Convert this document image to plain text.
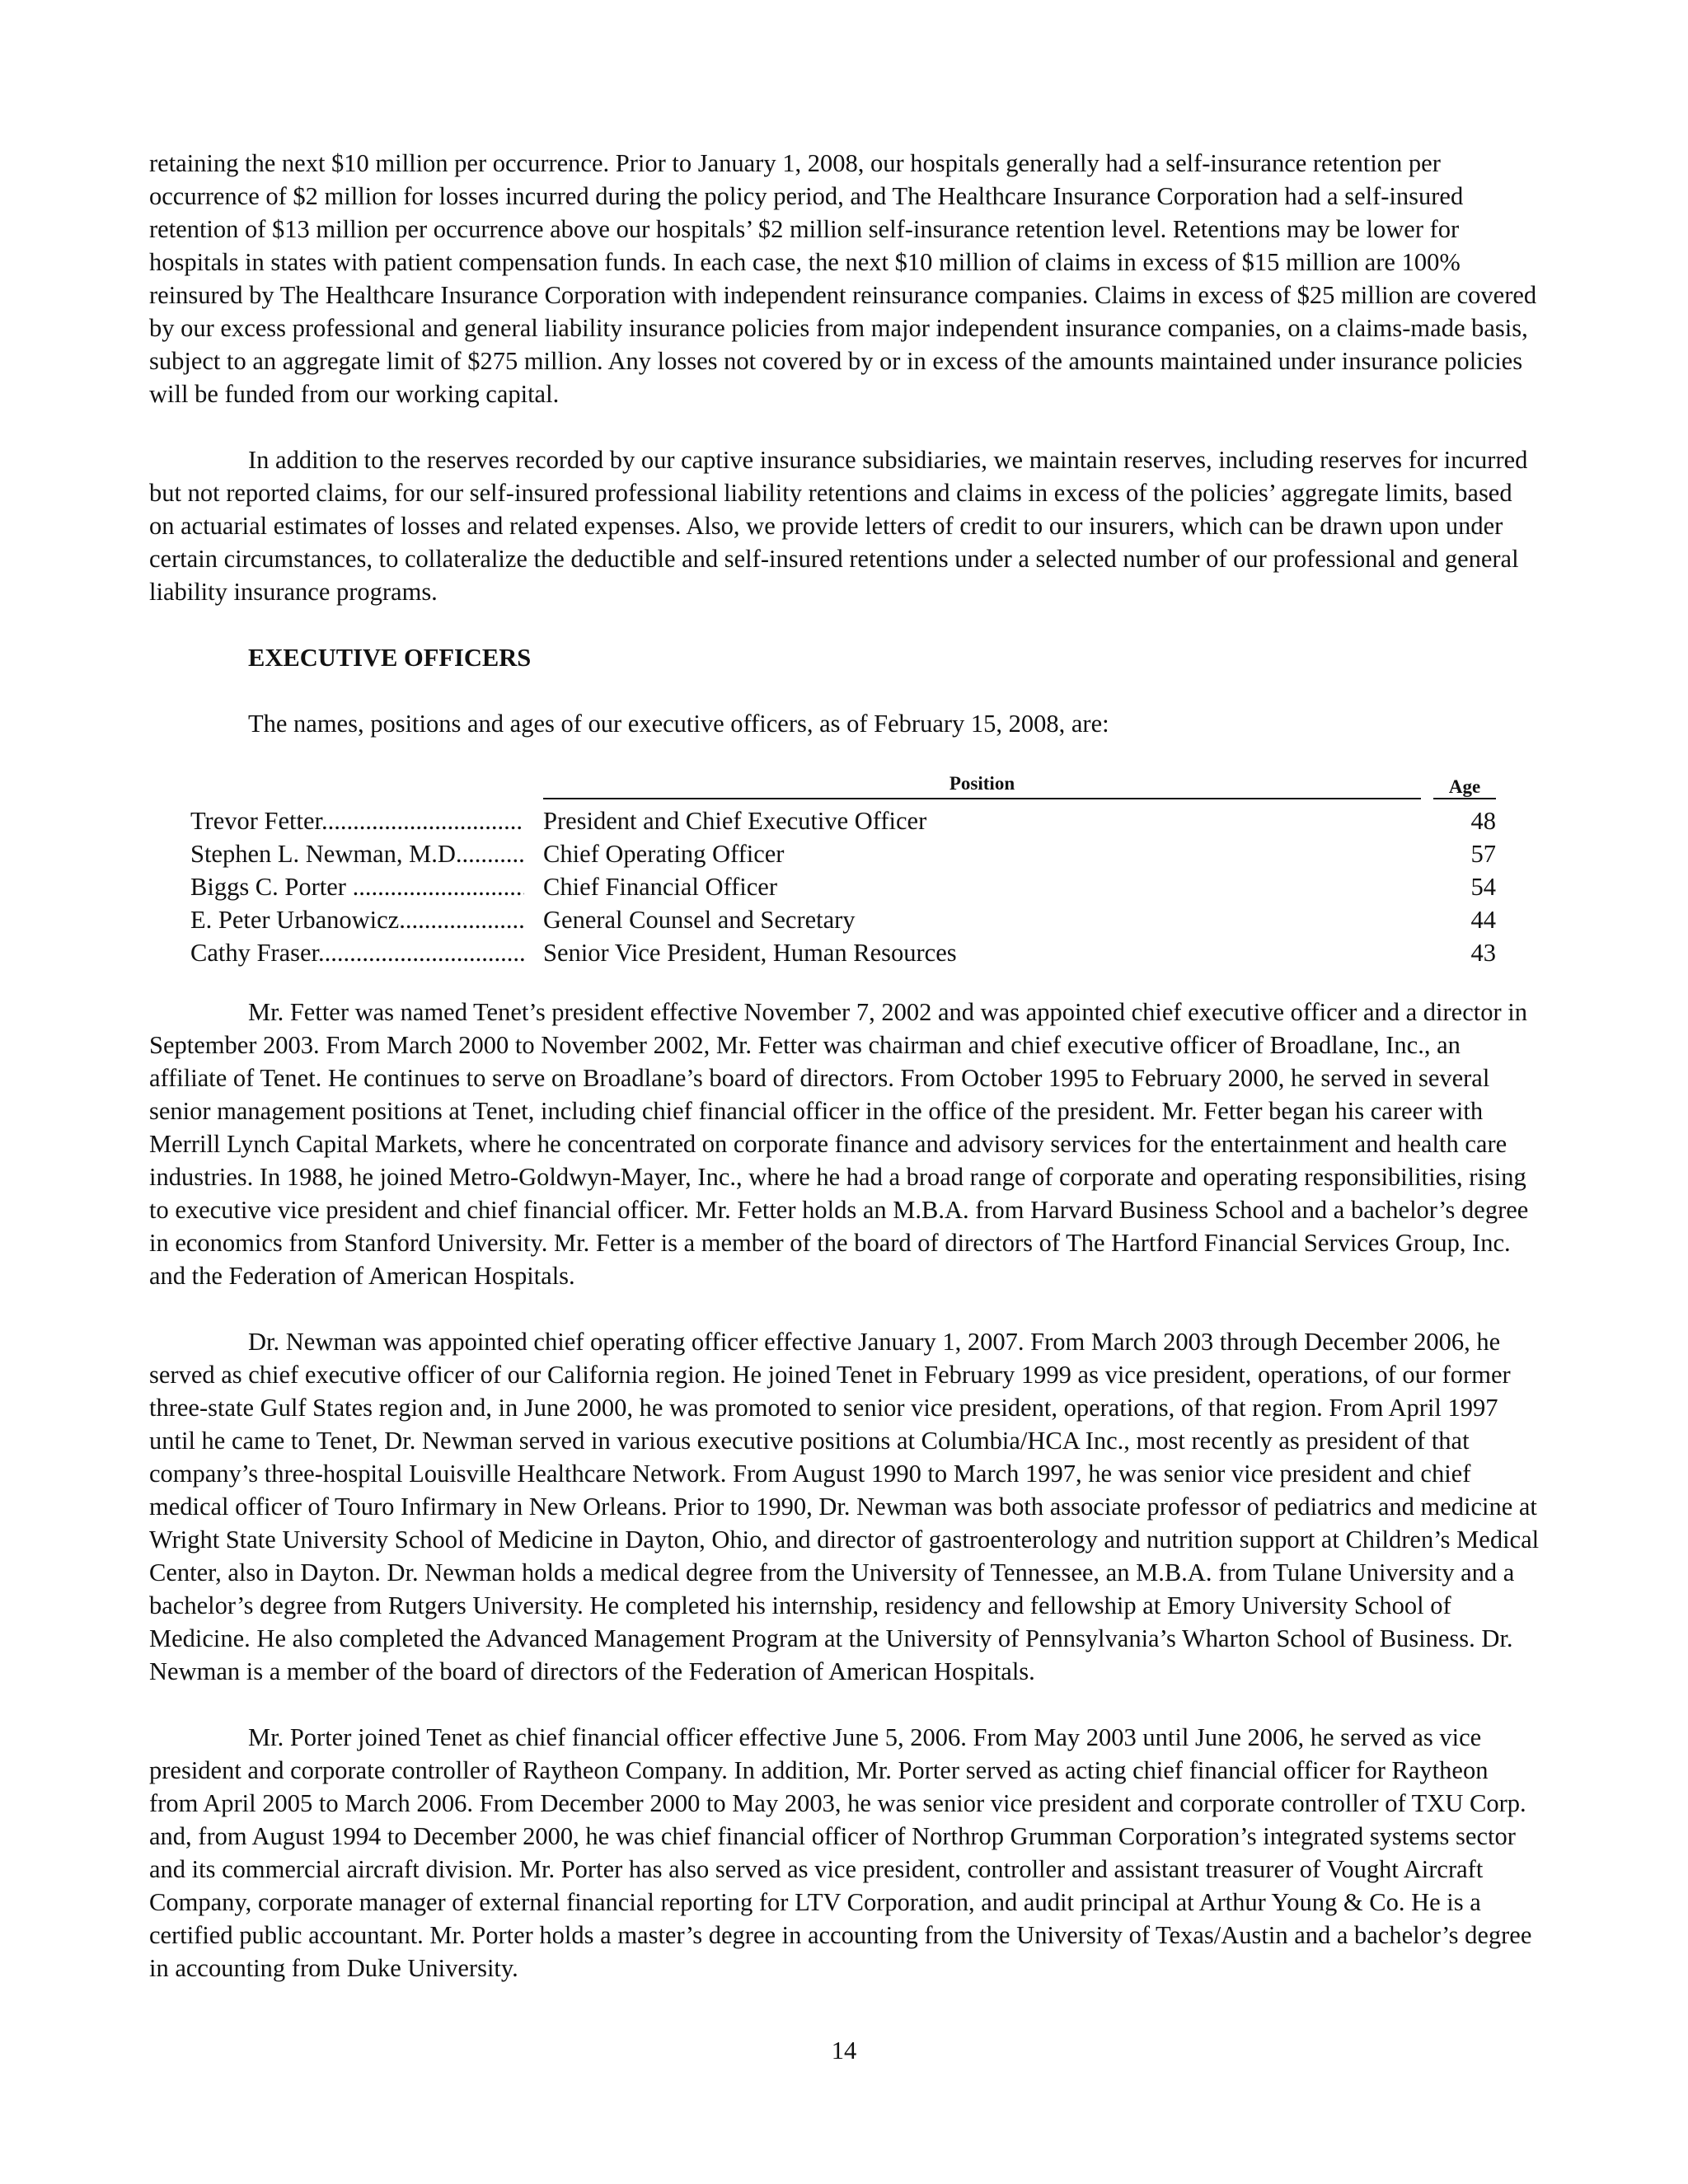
retaining the next $10 million per occurrence. Prior to January 1, 2008, our hospitals generally had a self-insurance retention per occurrence of $2 million for losses incurred during the policy period, and The Healthcare Insurance Corporation had a self-insured retention of $13 million per occurrence above our hospitals’ $2 million self-insurance retention level. Retentions may be lower for hospitals in states with patient compensation funds. In each case, the next $10 million of claims in excess of $15 million are 100% reinsured by The Healthcare Insurance Corporation with independent reinsurance companies. Claims in excess of $25 million are covered by our excess professional and general liability insurance policies from major independent insurance companies, on a claims-made basis, subject to an aggregate limit of $275 million. Any losses not covered by or in excess of the amounts maintained under insurance policies will be funded from our working capital.

In addition to the reserves recorded by our captive insurance subsidiaries, we maintain reserves, including reserves for incurred but not reported claims, for our self-insured professional liability retentions and claims in excess of the policies’ aggregate limits, based on actuarial estimates of losses and related expenses. Also, we provide letters of credit to our insurers, which can be drawn upon under certain circumstances, to collateralize the deductible and self-insured retentions under a selected number of our professional and general liability insurance programs.

EXECUTIVE OFFICERS

The names, positions and ages of our executive officers, as of February 15, 2008, are:

Position	Age
Trevor Fetter .....	President and Chief Executive Officer	48
Stephen L. Newman, M.D. .....	Chief Operating Officer	57
Biggs C. Porter .....	Chief Financial Officer	54
E. Peter Urbanowicz .....	General Counsel and Secretary	44
Cathy Fraser .....	Senior Vice President, Human Resources	43

Mr. Fetter was named Tenet’s president effective November 7, 2002 and was appointed chief executive officer and a director in September 2003. From March 2000 to November 2002, Mr. Fetter was chairman and chief executive officer of Broadlane, Inc., an affiliate of Tenet. He continues to serve on Broadlane’s board of directors. From October 1995 to February 2000, he served in several senior management positions at Tenet, including chief financial officer in the office of the president. Mr. Fetter began his career with Merrill Lynch Capital Markets, where he concentrated on corporate finance and advisory services for the entertainment and health care industries. In 1988, he joined Metro-Goldwyn-Mayer, Inc., where he had a broad range of corporate and operating responsibilities, rising to executive vice president and chief financial officer. Mr. Fetter holds an M.B.A. from Harvard Business School and a bachelor’s degree in economics from Stanford University. Mr. Fetter is a member of the board of directors of The Hartford Financial Services Group, Inc. and the Federation of American Hospitals.

Dr. Newman was appointed chief operating officer effective January 1, 2007. From March 2003 through December 2006, he served as chief executive officer of our California region. He joined Tenet in February 1999 as vice president, operations, of our former three-state Gulf States region and, in June 2000, he was promoted to senior vice president, operations, of that region. From April 1997 until he came to Tenet, Dr. Newman served in various executive positions at Columbia/HCA Inc., most recently as president of that company’s three-hospital Louisville Healthcare Network. From August 1990 to March 1997, he was senior vice president and chief medical officer of Touro Infirmary in New Orleans. Prior to 1990, Dr. Newman was both associate professor of pediatrics and medicine at Wright State University School of Medicine in Dayton, Ohio, and director of gastroenterology and nutrition support at Children’s Medical Center, also in Dayton. Dr. Newman holds a medical degree from the University of Tennessee, an M.B.A. from Tulane University and a bachelor’s degree from Rutgers University. He completed his internship, residency and fellowship at Emory University School of Medicine. He also completed the Advanced Management Program at the University of Pennsylvania’s Wharton School of Business. Dr. Newman is a member of the board of directors of the Federation of American Hospitals.

Mr. Porter joined Tenet as chief financial officer effective June 5, 2006. From May 2003 until June 2006, he served as vice president and corporate controller of Raytheon Company. In addition, Mr. Porter served as acting chief financial officer for Raytheon from April 2005 to March 2006. From December 2000 to May 2003, he was senior vice president and corporate controller of TXU Corp. and, from August 1994 to December 2000, he was chief financial officer of Northrop Grumman Corporation’s integrated systems sector and its commercial aircraft division. Mr. Porter has also served as vice president, controller and assistant treasurer of Vought Aircraft Company, corporate manager of external financial reporting for LTV Corporation, and audit principal at Arthur Young & Co. He is a certified public accountant. Mr. Porter holds a master’s degree in accounting from the University of Texas/Austin and a bachelor’s degree in accounting from Duke University.

14
